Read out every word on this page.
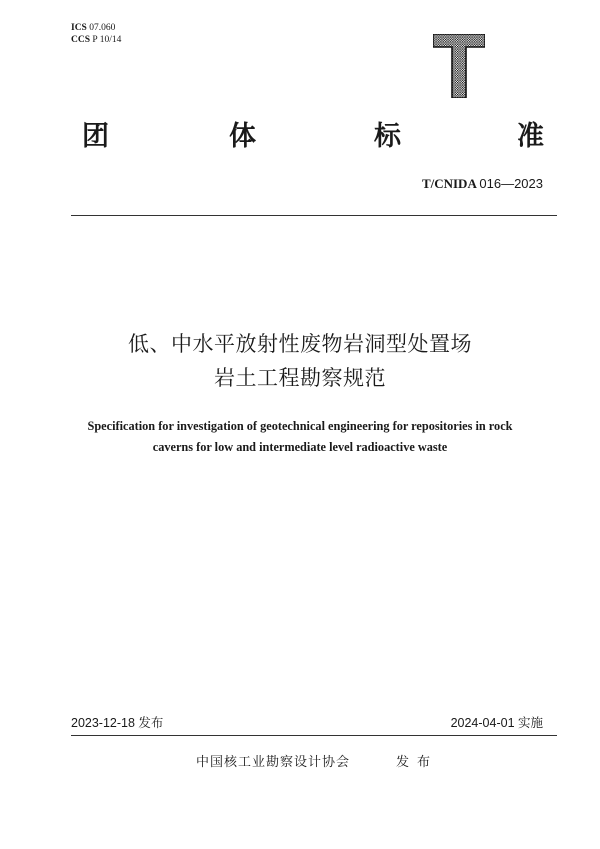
ICS 07.060
CCS P 10/14
团	体	标	准
T/CNIDA 016—2023
低、中水平放射性废物岩洞型处置场
岩土工程勘察规范
Specification for investigation of geotechnical engineering for repositories in rock
caverns for low and intermediate level radioactive waste
2023-12-18 发布	2024-04-01 实施
中国核工业勘察设计协会	发布
